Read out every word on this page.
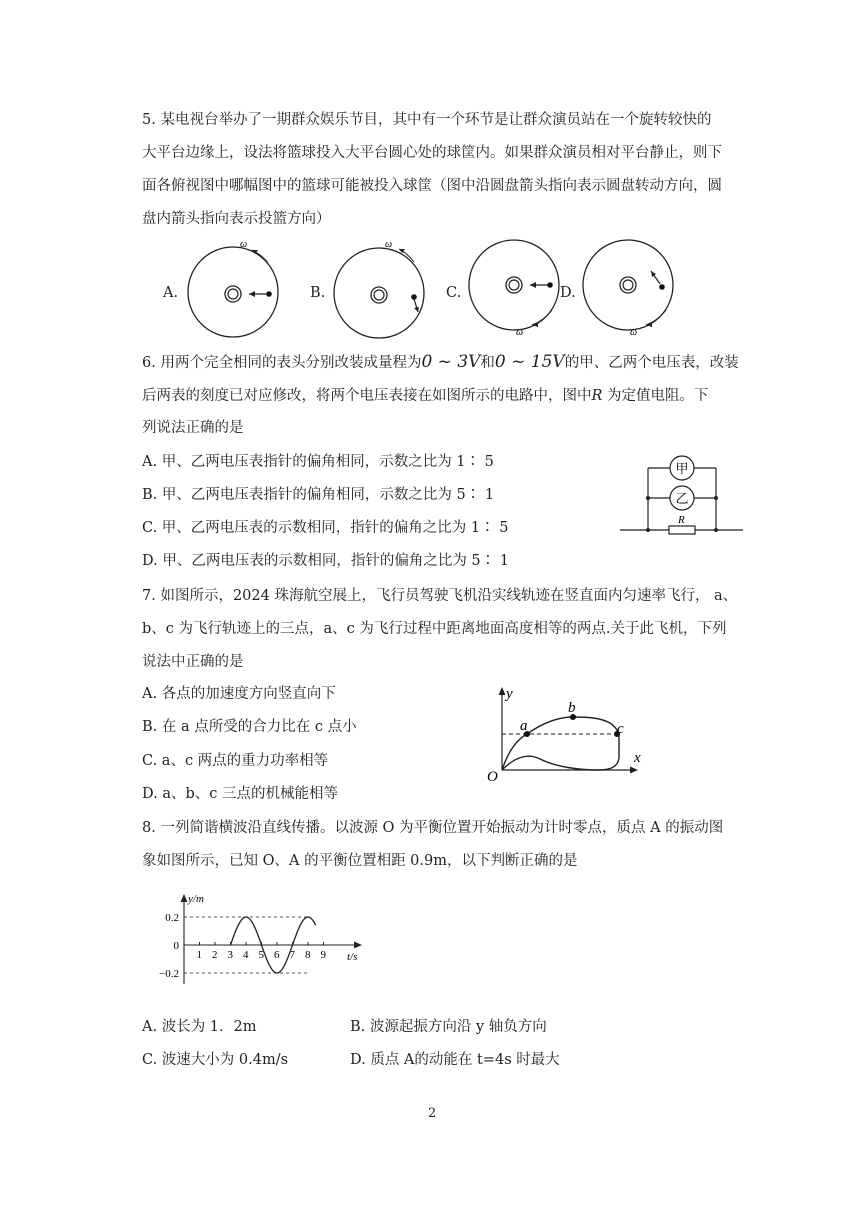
5. 某电视台举办了一期群众娱乐节目，其中有一个环节是让群众演员站在一个旋转较快的
大平台边缘上，设法将篮球投入大平台圆心处的球筐内。如果群众演员相对平台静止，则下
面各俯视图中哪幅图中的篮球可能被投入球筐（图中沿圆盘箭头指向表示圆盘转动方向，圆
盘内箭头指向表示投篮方向）
A.
ω
B.
ω
C.
ω
D.
ω
6. 用两个完全相同的表头分别改装成量程为0 ~ 3V和0 ~ 15V的甲、乙两个电压表，改装
后两表的刻度已对应修改，将两个电压表接在如图所示的电路中，图中R 为定值电阻。下
列说法正确的是
A. 甲、乙两电压表指针的偏角相同，示数之比为 1∶ 5
B. 甲、乙两电压表指针的偏角相同，示数之比为 5∶ 1
C. 甲、乙两电压表的示数相同，指针的偏角之比为 1∶ 5
D. 甲、乙两电压表的示数相同，指针的偏角之比为 5∶ 1
甲
乙
R
7. 如图所示，2024 珠海航空展上，飞行员驾驶飞机沿实线轨迹在竖直面内匀速率飞行， a、
b、c 为飞行轨迹上的三点，a、c 为飞行过程中距离地面高度相等的两点.关于此飞机，下列
说法中正确的是
A. 各点的加速度方向竖直向下
B. 在 a 点所受的合力比在 c 点小
C. a、c 两点的重力功率相等
D. a、b、c 三点的机械能相等
y
x
O
a
b
c
8. 一列简谐横波沿直线传播。以波源 O 为平衡位置开始振动为计时零点，质点 A 的振动图
象如图所示，已知 O、A 的平衡位置相距 0.9m，以下判断正确的是
y/m
t/s
1 2 3 4 5 6 7 8 9
0.2
0
−0.2
A. 波长为 1．2m	B. 波源起振方向沿 y 轴负方向
C. 波速大小为 0.4m/s	D. 质点 A的动能在 t=4s 时最大
2
